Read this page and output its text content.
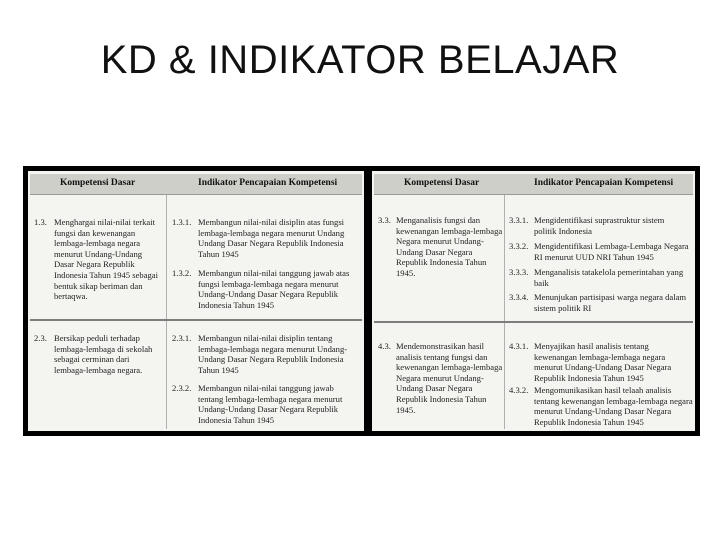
KD & INDIKATOR BELAJAR
Kompetensi Dasar	Indikator Pencapaian Kompetensi
1.3. Menghargai nilai-nilai terkait
fungsi dan kewenangan
lembaga-lembaga negara
menurut Undang-Undang
Dasar Negara Republik
Indonesia Tahun 1945 sebagai
bentuk sikap beriman dan
bertaqwa.
1.3.1. Membangun nilai-nilai disiplin atas fungsi
lembaga-lembaga negara menurut Undang
Undang Dasar Negara Republik Indonesia
Tahun 1945
1.3.2. Membangun nilai-nilai tanggung jawab atas
fungsi lembaga-lembaga negara menurut
Undang-Undang Dasar Negara Republik
Indonesia Tahun 1945
2.3. Bersikap peduli terhadap
lembaga-lembaga di sekolah
sebagai cerminan dari
lembaga-lembaga negara.
2.3.1. Membangun nilai-nilai disiplin tentang
lembaga-lembaga negara menurut Undang-
Undang Dasar Negara Republik Indonesia
Tahun 1945
2.3.2. Membangun nilai-nilai tanggung jawab
tentang lembaga-lembaga negara menurut
Undang-Undang Dasar Negara Republik
Indonesia Tahun 1945
Kompetensi Dasar	Indikator Pencapaian Kompetensi
3.3. Menganalisis fungsi dan
kewenangan lembaga-lembaga
Negara menurut Undang-
Undang Dasar Negara
Republik Indonesia Tahun
1945.
3.3.1. Mengidentifikasi suprastruktur sistem
politik Indonesia
3.3.2. Mengidentifikasi Lembaga-Lembaga Negara
RI menurut UUD NRI Tahun 1945
3.3.3. Menganalisis tatakelola pemerintahan yang
baik
3.3.4. Menunjukan partisipasi warga negara dalam
sistem politik RI
4.3. Mendemonstrasikan hasil
analisis tentang fungsi dan
kewenangan lembaga-lembaga
Negara menurut Undang-
Undang Dasar Negara
Republik Indonesia Tahun
1945.
4.3.1. Menyajikan hasil analisis tentang
kewenangan lembaga-lembaga negara
menurut Undang-Undang Dasar Negara
Republik Indonesia Tahun 1945
4.3.2. Mengomunikasikan hasil telaah analisis
tentang kewenangan lembaga-lembaga negara
menurut Undang-Undang Dasar Negara
Republik Indonesia Tahun 1945
